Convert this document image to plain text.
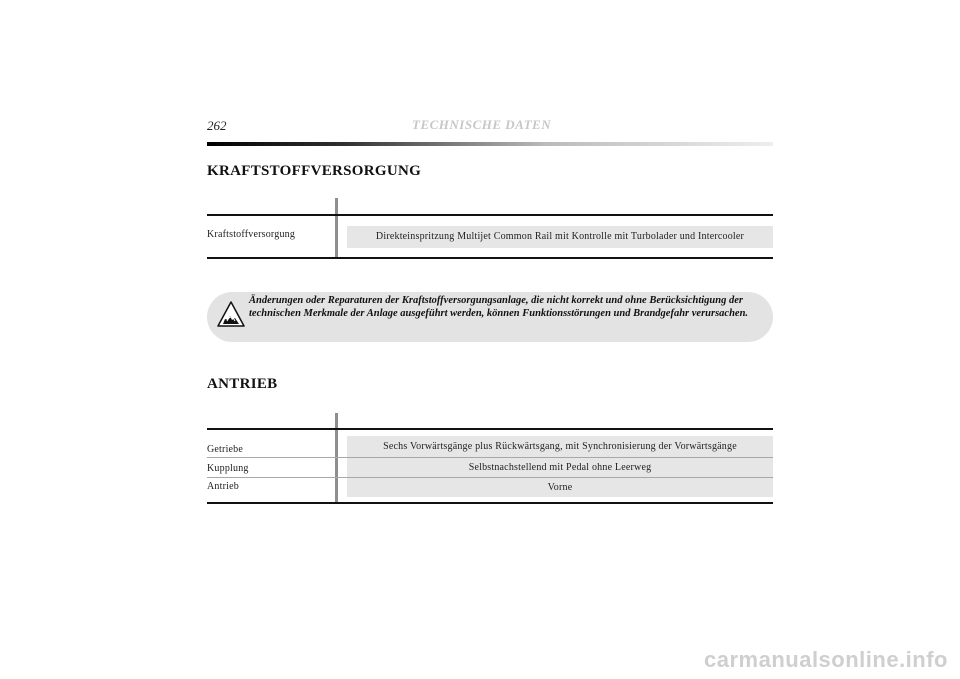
262	TECHNISCHE DATEN
KRAFTSTOFFVERSORGUNG
Kraftstoffversorgung	Direkteinspritzung Multijet Common Rail mit Kontrolle mit Turbolader und Intercooler
Änderungen oder Reparaturen der Kraftstoffversorgungsanlage, die nicht korrekt und ohne Berücksichtigung der technischen Merkmale der Anlage ausgeführt werden, können Funktionsstörungen und Brandgefahr verursachen.
ANTRIEB
Getriebe	Sechs Vorwärtsgänge plus Rückwärtsgang, mit Synchronisierung der Vorwärtsgänge
Kupplung	Selbstnachstellend mit Pedal ohne Leerweg
Antrieb	Vorne
carmanualsonline.info
